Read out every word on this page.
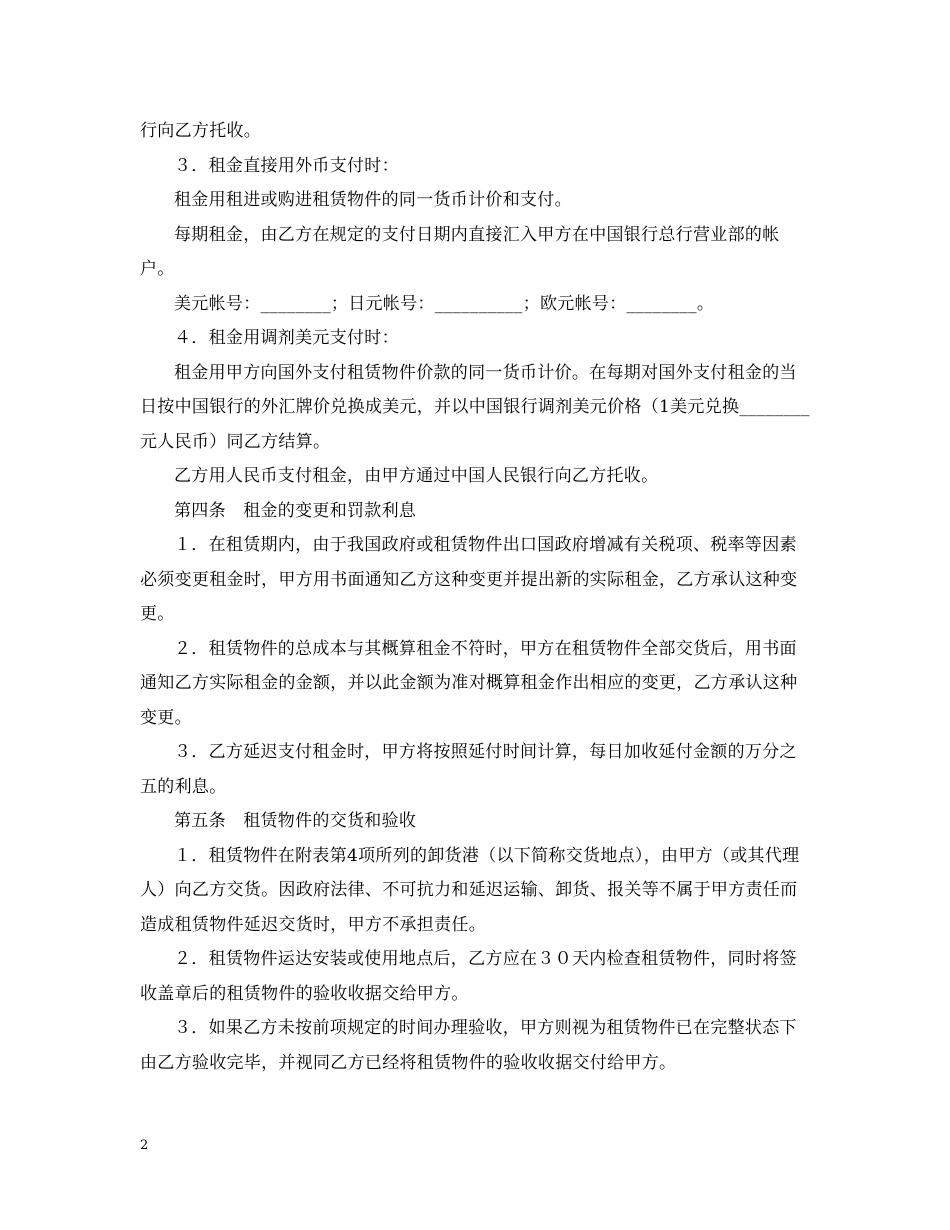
行向乙方托收。

３．租金直接用外币支付时：

租金用租进或购进租赁物件的同一货币计价和支付。

每期租金，由乙方在规定的支付日期内直接汇入甲方在中国银行总行营业部的帐户。

美元帐号：________；日元帐号：__________；欧元帐号：________。

４．租金用调剂美元支付时：

租金用甲方向国外支付租赁物件价款的同一货币计价。在每期对国外支付租金的当日按中国银行的外汇牌价兑换成美元，并以中国银行调剂美元价格（1美元兑换________元人民币）同乙方结算。

乙方用人民币支付租金，由甲方通过中国人民银行向乙方托收。

第四条　租金的变更和罚款利息

１．在租赁期内，由于我国政府或租赁物件出口国政府增减有关税项、税率等因素必须变更租金时，甲方用书面通知乙方这种变更并提出新的实际租金，乙方承认这种变更。

２．租赁物件的总成本与其概算租金不符时，甲方在租赁物件全部交货后，用书面通知乙方实际租金的金额，并以此金额为准对概算租金作出相应的变更，乙方承认这种变更。

３．乙方延迟支付租金时，甲方将按照延付时间计算，每日加收延付金额的万分之五的利息。

第五条　租赁物件的交货和验收

１．租赁物件在附表第4项所列的卸货港（以下简称交货地点），由甲方（或其代理人）向乙方交货。因政府法律、不可抗力和延迟运输、卸货、报关等不属于甲方责任而造成租赁物件延迟交货时，甲方不承担责任。

２．租赁物件运达安装或使用地点后，乙方应在３０天内检查租赁物件，同时将签收盖章后的租赁物件的验收收据交给甲方。

３．如果乙方未按前项规定的时间办理验收，甲方则视为租赁物件已在完整状态下由乙方验收完毕，并视同乙方已经将租赁物件的验收收据交付给甲方。

2
